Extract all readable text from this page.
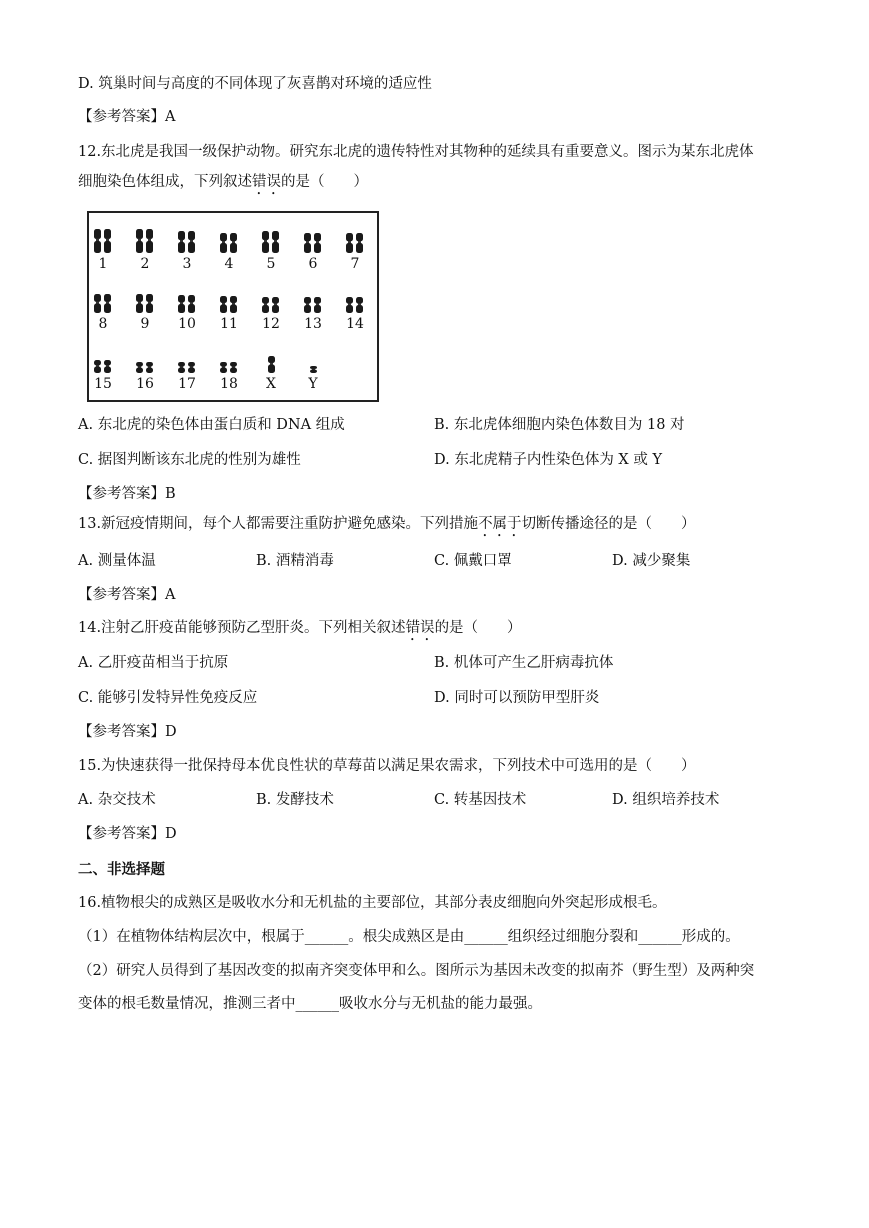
D. 筑巢时间与高度的不同体现了灰喜鹊对环境的适应性
【参考答案】A
12.东北虎是我国一级保护动物。研究东北虎的遗传特性对其物种的延续具有重要意义。图示为某东北虎体
细胞染色体组成，下列叙述错误的是（　　）
1	2	3	4	5	6	7
8	9	10	11	12	13	14
15	16	17	18	X	Y
A. 东北虎的染色体由蛋白质和 DNA 组成	B. 东北虎体细胞内染色体数目为 18 对
C. 据图判断该东北虎的性别为雄性	D. 东北虎精子内性染色体为 X 或 Y
【参考答案】B
13.新冠疫情期间，每个人都需要注重防护避免感染。下列措施不属于切断传播途径的是（　　）
A. 测量体温	B. 酒精消毒	C. 佩戴口罩	D. 减少聚集
【参考答案】A
14.注射乙肝疫苗能够预防乙型肝炎。下列相关叙述错误的是（　　）
A. 乙肝疫苗相当于抗原	B. 机体可产生乙肝病毒抗体
C. 能够引发特异性免疫反应	D. 同时可以预防甲型肝炎
【参考答案】D
15.为快速获得一批保持母本优良性状的草莓苗以满足果农需求，下列技术中可选用的是（　　）
A. 杂交技术	B. 发酵技术	C. 转基因技术	D. 组织培养技术
【参考答案】D
二、非选择题
16.植物根尖的成熟区是吸收水分和无机盐的主要部位，其部分表皮细胞向外突起形成根毛。
（1）在植物体结构层次中，根属于______。根尖成熟区是由______组织经过细胞分裂和______形成的。
（2）研究人员得到了基因改变的拟南齐突变体甲和么。图所示为基因未改变的拟南芥（野生型）及两种突
变体的根毛数量情况，推测三者中______吸收水分与无机盐的能力最强。
